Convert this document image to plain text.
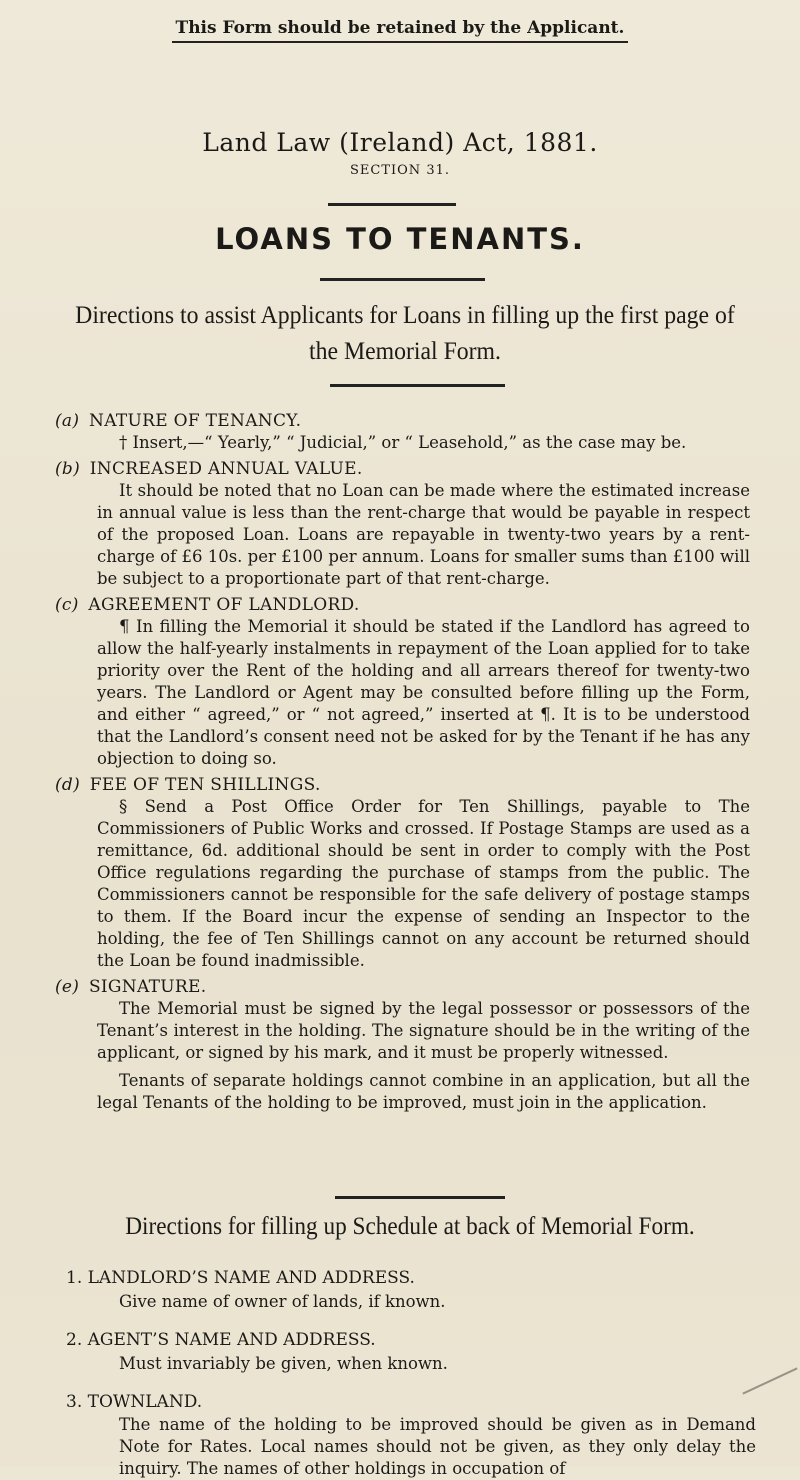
This Form should be retained by the Applicant.
Land Law (Ireland) Act, 1881.
SECTION 31.
LOANS TO TENANTS.
Directions to assist Applicants for Loans in filling up the first page of the Memorial Form.
(a) NATURE OF TENANCY.

† Insert,—“ Yearly,” “ Judicial,” or “ Leasehold,” as the case may be.

(b) INCREASED ANNUAL VALUE.

It should be noted that no Loan can be made where the estimated increase in annual value is less than the rent-charge that would be payable in respect of the proposed Loan. Loans are repayable in twenty-two years by a rent-charge of £6 10s. per £100 per annum. Loans for smaller sums than £100 will be subject to a proportionate part of that rent-charge.

(c) AGREEMENT OF LANDLORD.

¶ In filling the Memorial it should be stated if the Landlord has agreed to allow the half-yearly instalments in repayment of the Loan applied for to take priority over the Rent of the holding and all arrears thereof for twenty-two years. The Landlord or Agent may be consulted before filling up the Form, and either “ agreed,” or “ not agreed,” inserted at ¶. It is to be understood that the Landlord’s consent need not be asked for by the Tenant if he has any objection to doing so.

(d) FEE OF TEN SHILLINGS.

§ Send a Post Office Order for Ten Shillings, payable to The Commissioners of Public Works and crossed. If Postage Stamps are used as a remittance, 6d. additional should be sent in order to comply with the Post Office regulations regarding the purchase of stamps from the public. The Commissioners cannot be responsible for the safe delivery of postage stamps to them. If the Board incur the expense of sending an Inspector to the holding, the fee of Ten Shillings cannot on any account be returned should the Loan be found inadmissible.

(e) SIGNATURE.

The Memorial must be signed by the legal possessor or possessors of the Tenant’s interest in the holding. The signature should be in the writing of the applicant, or signed by his mark, and it must be properly witnessed.

Tenants of separate holdings cannot combine in an application, but all the legal Tenants of the holding to be improved, must join in the application.

Directions for filling up Schedule at back of Memorial Form.
1. LANDLORD’S NAME AND ADDRESS.
Give name of owner of lands, if known.
2. AGENT’S NAME AND ADDRESS.
Must invariably be given, when known.
3. TOWNLAND.

The name of the holding to be improved should be given as in Demand Note for Rates. Local names should not be given, as they only delay the inquiry. The names of other holdings in occupation of
